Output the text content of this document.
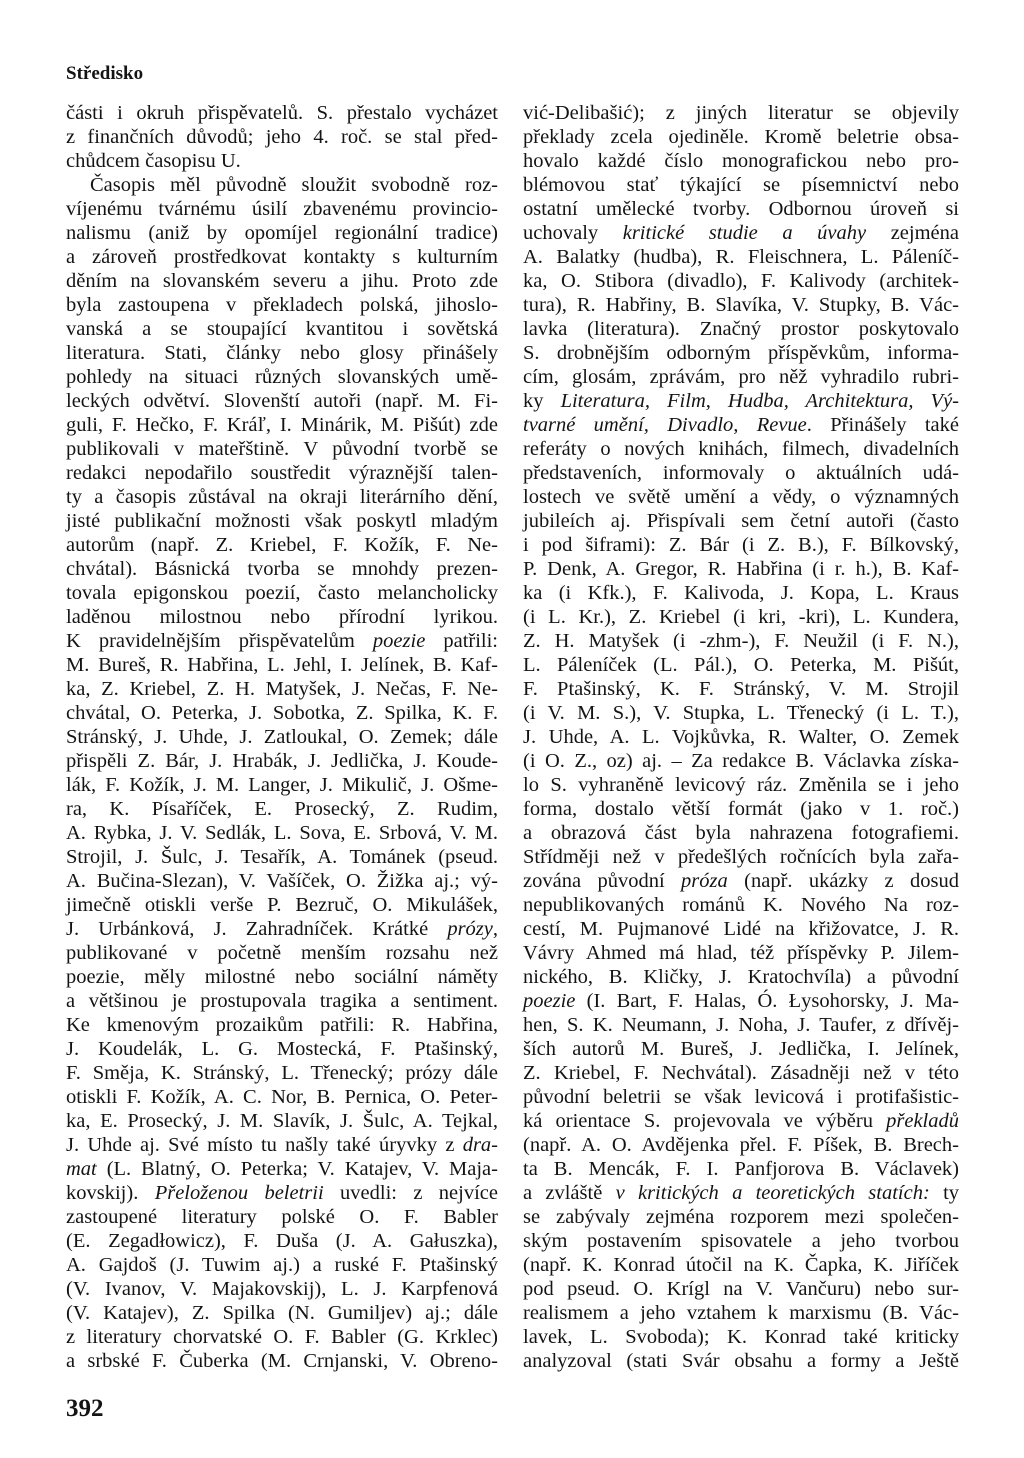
Středisko
části i okruh přispěvatelů. S. přestalo vycházet
z finančních důvodů; jeho 4. roč. se stal před-
chůdcem časopisu U.
Časopis měl původně sloužit svobodně roz-
víjenému tvárnému úsilí zbavenému provincio-
nalismu (aniž by opomíjel regionální tradice)
a zároveň prostředkovat kontakty s kulturním
děním na slovanském severu a jihu. Proto zde
byla zastoupena v překladech polská, jihoslo-
vanská a se stoupající kvantitou i sovětská
literatura. Stati, články nebo glosy přinášely
pohledy na situaci různých slovanských umě-
leckých odvětví. Slovenští autoři (např. M. Fi-
guli, F. Hečko, F. Kráľ, I. Minárik, M. Pišút) zde
publikovali v mateřštině. V původní tvorbě se
redakci nepodařilo soustředit výraznější talen-
ty a časopis zůstával na okraji literárního dění,
jisté publikační možnosti však poskytl mladým
autorům (např. Z. Kriebel, F. Kožík, F. Ne-
chvátal). Básnická tvorba se mnohdy prezen-
tovala epigonskou poezií, často melancholicky
laděnou milostnou nebo přírodní lyrikou.
K pravidelnějším přispěvatelům poezie patřili:
M. Bureš, R. Habřina, L. Jehl, I. Jelínek, B. Kaf-
ka, Z. Kriebel, Z. H. Matyšek, J. Nečas, F. Ne-
chvátal, O. Peterka, J. Sobotka, Z. Spilka, K. F.
Stránský, J. Uhde, J. Zatloukal, O. Zemek; dále
přispěli Z. Bár, J. Hrabák, J. Jedlička, J. Koude-
lák, F. Kožík, J. M. Langer, J. Mikulič, J. Ošme-
ra, K. Písaříček, E. Prosecký, Z. Rudim,
A. Rybka, J. V. Sedlák, L. Sova, E. Srbová, V. M.
Strojil, J. Šulc, J. Tesařík, A. Tománek (pseud.
A. Bučina-Slezan), V. Vašíček, O. Žižka aj.; vý-
jimečně otiskli verše P. Bezruč, O. Mikulášek,
J. Urbánková, J. Zahradníček. Krátké prózy,
publikované v početně menším rozsahu než
poezie, měly milostné nebo sociální náměty
a většinou je prostupovala tragika a sentiment.
Ke kmenovým prozaikům patřili: R. Habřina,
J. Koudelák, L. G. Mostecká, F. Ptašinský,
F. Směja, K. Stránský, L. Třenecký; prózy dále
otiskli F. Kožík, A. C. Nor, B. Pernica, O. Peter-
ka, E. Prosecký, J. M. Slavík, J. Šulc, A. Tejkal,
J. Uhde aj. Své místo tu našly také úryvky z dra-
mat (L. Blatný, O. Peterka; V. Katajev, V. Maja-
kovskij). Přeloženou beletrii uvedli: z nejvíce
zastoupené literatury polské O. F. Babler
(E. Zegadłowicz), F. Duša (J. A. Gałuszka),
A. Gajdoš (J. Tuwim aj.) a ruské F. Ptašinský
(V. Ivanov, V. Majakovskij), L. J. Karpfenová
(V. Katajev), Z. Spilka (N. Gumiljev) aj.; dále
z literatury chorvatské O. F. Babler (G. Krklec)
a srbské F. Čuberka (M. Crnjanski, V. Obreno-
vić-Delibašić); z jiných literatur se objevily
překlady zcela ojediněle. Kromě beletrie obsa-
hovalo každé číslo monografickou nebo pro-
blémovou stať týkající se písemnictví nebo
ostatní umělecké tvorby. Odbornou úroveň si
uchovaly kritické studie a úvahy zejména
A. Balatky (hudba), R. Fleischnera, L. Páleníč-
ka, O. Stibora (divadlo), F. Kalivody (architek-
tura), R. Habřiny, B. Slavíka, V. Stupky, B. Vác-
lavka (literatura). Značný prostor poskytovalo
S. drobnějším odborným příspěvkům, informa-
cím, glosám, zprávám, pro něž vyhradilo rubri-
ky Literatura, Film, Hudba, Architektura, Vý-
tvarné umění, Divadlo, Revue. Přinášely také
referáty o nových knihách, filmech, divadelních
představeních, informovaly o aktuálních udá-
lostech ve světě umění a vědy, o významných
jubileích aj. Přispívali sem četní autoři (často
i pod šiframi): Z. Bár (i Z. B.), F. Bílkovský,
P. Denk, A. Gregor, R. Habřina (i r. h.), B. Kaf-
ka (i Kfk.), F. Kalivoda, J. Kopa, L. Kraus
(i L. Kr.), Z. Kriebel (i kri, -kri), L. Kundera,
Z. H. Matyšek (i -zhm-), F. Neužil (i F. N.),
L. Páleníček (L. Pál.), O. Peterka, M. Pišút,
F. Ptašinský, K. F. Stránský, V. M. Strojil
(i V. M. S.), V. Stupka, L. Třenecký (i L. T.),
J. Uhde, A. L. Vojkůvka, R. Walter, O. Zemek
(i O. Z., oz) aj. – Za redakce B. Václavka získa-
lo S. vyhraněně levicový ráz. Změnila se i jeho
forma, dostalo větší formát (jako v 1. roč.)
a obrazová část byla nahrazena fotografiemi.
Střídměji než v předešlých ročnících byla zařa-
zována původní próza (např. ukázky z dosud
nepublikovaných románů K. Nového Na roz-
cestí, M. Pujmanové Lidé na křižovatce, J. R.
Vávry Ahmed má hlad, též příspěvky P. Jilem-
nického, B. Kličky, J. Kratochvíla) a původní
poezie (I. Bart, F. Halas, Ó. Łysohorsky, J. Ma-
hen, S. K. Neumann, J. Noha, J. Taufer, z dřívěj-
ších autorů M. Bureš, J. Jedlička, I. Jelínek,
Z. Kriebel, F. Nechvátal). Zásadněji než v této
původní beletrii se však levicová i protifašistic-
ká orientace S. projevovala ve výběru překladů
(např. A. O. Avdějenka přel. F. Píšek, B. Brech-
ta B. Mencák, F. I. Panfjorova B. Václavek)
a zvláště v kritických a teoretických statích: ty
se zabývaly zejména rozporem mezi společen-
ským postavením spisovatele a jeho tvorbou
(např. K. Konrad útočil na K. Čapka, K. Jiříček
pod pseud. O. Krígl na V. Vančuru) nebo sur-
realismem a jeho vztahem k marxismu (B. Vác-
lavek, L. Svoboda); K. Konrad také kriticky
analyzoval (stati Svár obsahu a formy a Ještě
392
